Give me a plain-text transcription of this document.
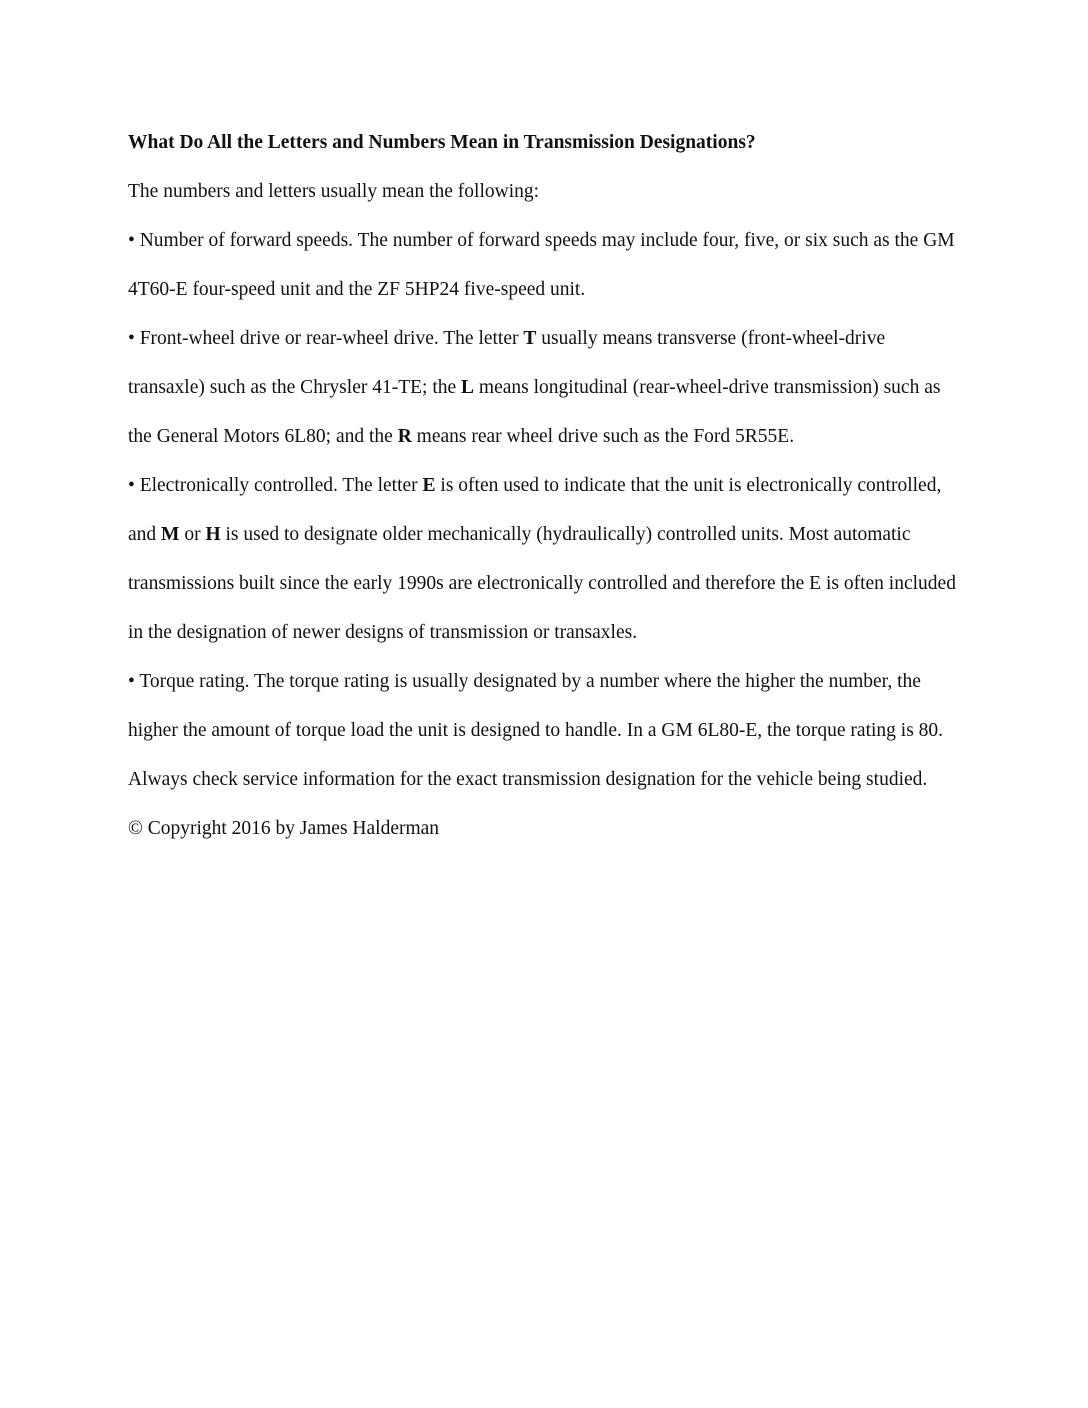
What Do All the Letters and Numbers Mean in Transmission Designations?

The numbers and letters usually mean the following:

• Number of forward speeds. The number of forward speeds may include four, five, or six such as the GM 4T60-E four-speed unit and the ZF 5HP24 five-speed unit.

• Front-wheel drive or rear-wheel drive. The letter T usually means transverse (front-wheel-drive transaxle) such as the Chrysler 41-TE; the L means longitudinal (rear-wheel-drive transmission) such as the General Motors 6L80; and the R means rear wheel drive such as the Ford 5R55E.

• Electronically controlled. The letter E is often used to indicate that the unit is electronically controlled, and M or H is used to designate older mechanically (hydraulically) controlled units. Most automatic transmissions built since the early 1990s are electronically controlled and therefore the E is often included in the designation of newer designs of transmission or transaxles.

• Torque rating. The torque rating is usually designated by a number where the higher the number, the higher the amount of torque load the unit is designed to handle. In a GM 6L80-E, the torque rating is 80.

Always check service information for the exact transmission designation for the vehicle being studied.

© Copyright 2016 by James Halderman
